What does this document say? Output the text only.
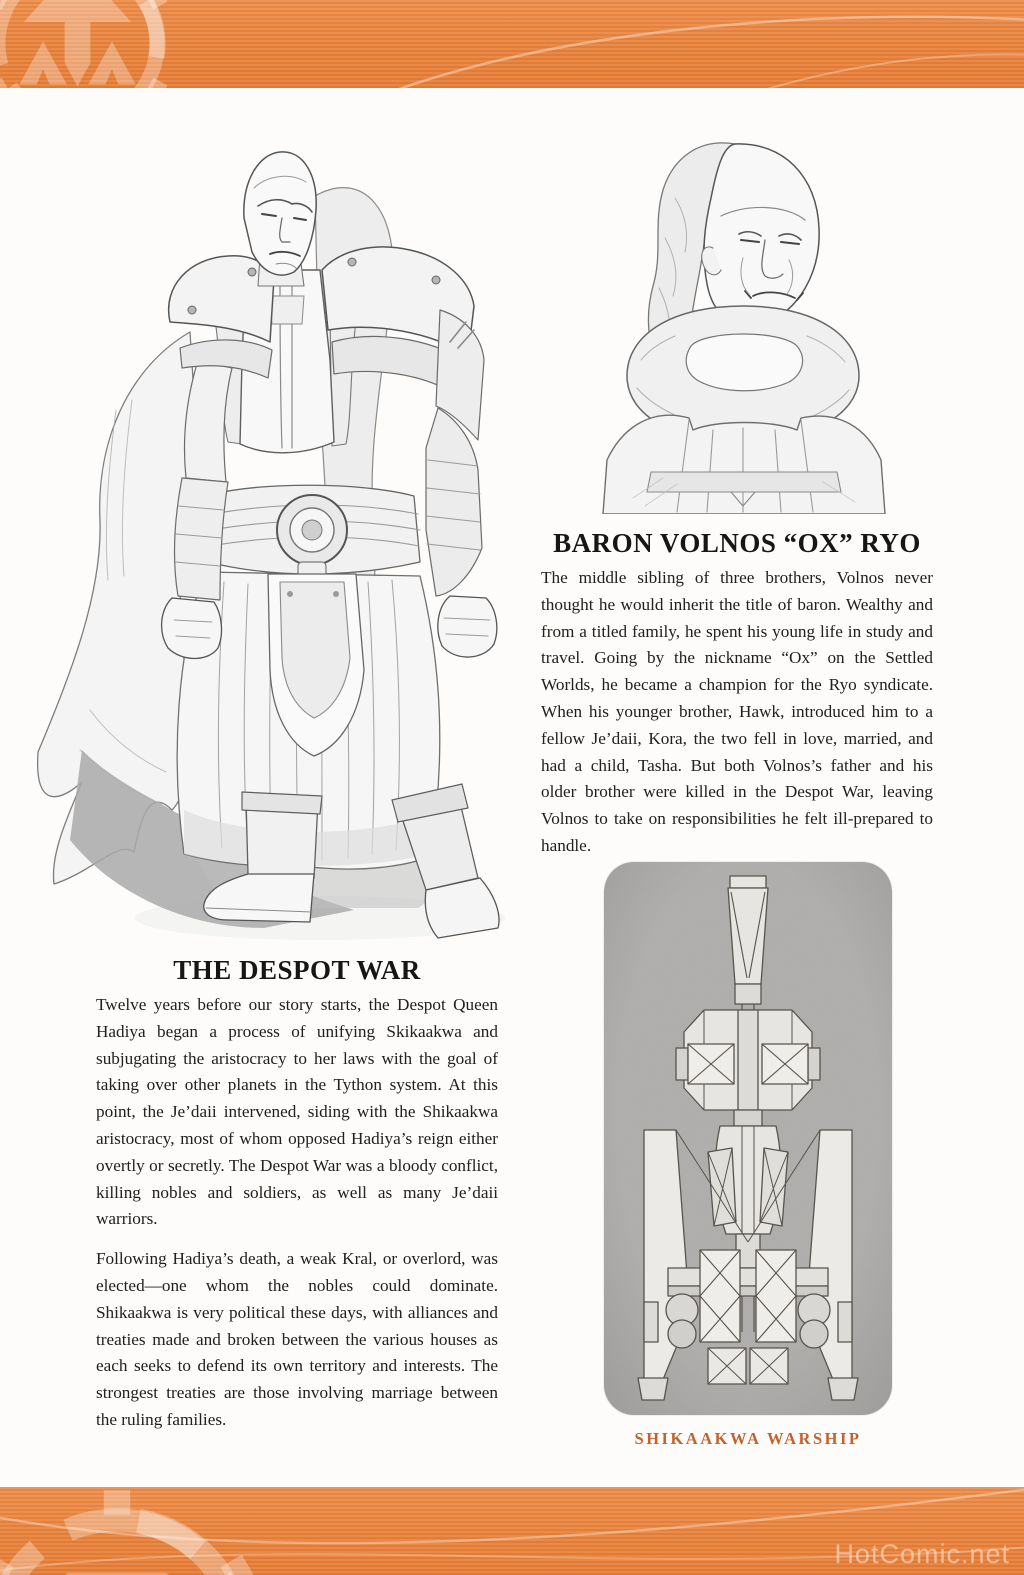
BARON VOLNOS “OX” RYO

The middle sibling of three brothers, Volnos never thought he would inherit the title of baron. Wealthy and from a titled family, he spent his young life in study and travel. Going by the nickname “Ox” on the Settled Worlds, he became a champion for the Ryo syndicate. When his younger brother, Hawk, introduced him to a fellow Je’daii, Kora, the two fell in love, married, and had a child, Tasha. But both Volnos’s father and his older brother were killed in the Despot War, leaving Volnos to take on responsibilities he felt ill-prepared to handle.

THE DESPOT WAR

Twelve years before our story starts, the Despot Queen Hadiya began a process of unifying Skikaakwa and subjugating the aristocracy to her laws with the goal of taking over other planets in the Tython system. At this point, the Je’daii intervened, siding with the Shikaakwa aristocracy, most of whom opposed Hadiya’s reign either overtly or secretly. The Despot War was a bloody conflict, killing nobles and soldiers, as well as many Je’daii warriors.

Following Hadiya’s death, a weak Kral, or overlord, was elected—one whom the nobles could dominate. Shikaakwa is very political these days, with alliances and treaties made and broken between the various houses as each seeks to defend its own territory and interests. The strongest treaties are those involving marriage between the ruling families.

SHIKAAKWA WARSHIP
HotComic.net
